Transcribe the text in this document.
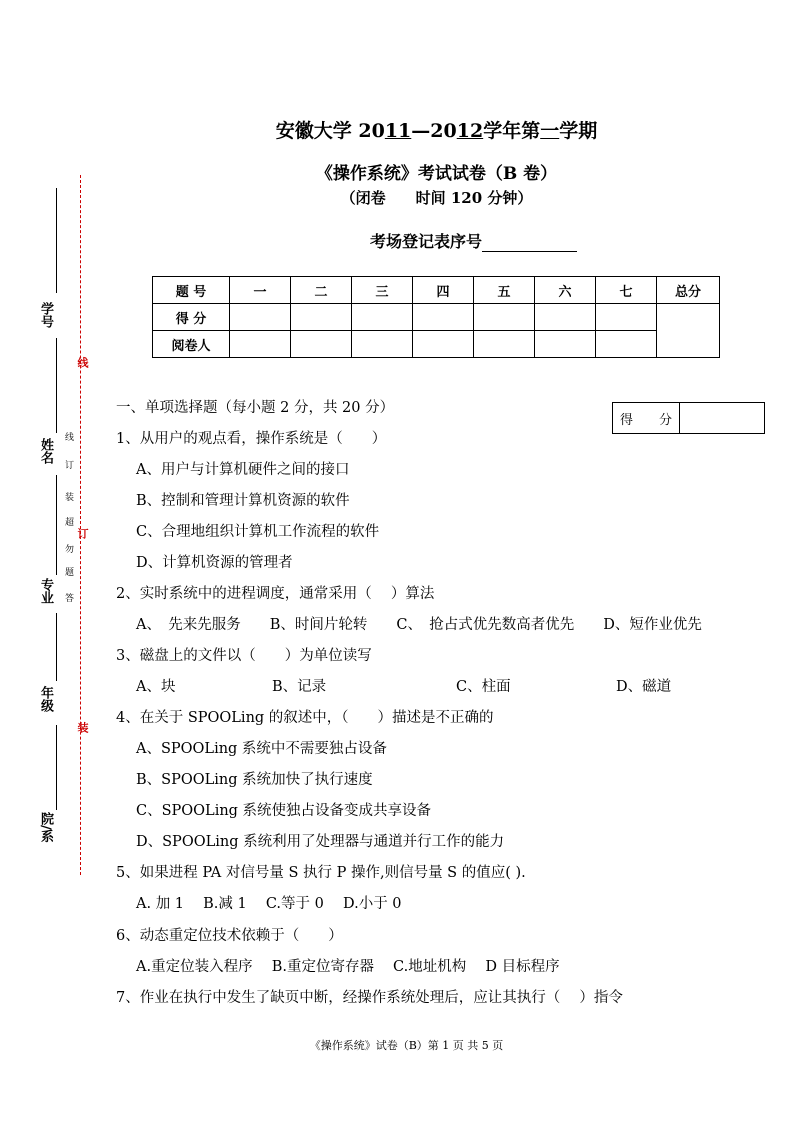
安徽大学 2011—2012学年第一学期
《操作系统》考试试卷（B 卷）
（闭卷 时间 120 分钟）
考场登记表序号
题 号	一	二	三	四	五	六	七	总分
得 分								
阅卷人								
得　　分	
一、单项选择题（每小题 2 分，共 20 分）
1、从用户的观点看，操作系统是（　　）
A、用户与计算机硬件之间的接口
B、控制和管理计算机资源的软件
C、合理地组织计算机工作流程的软件
D、计算机资源的管理者
2、实时系统中的进程调度，通常采用（　 ）算法
A、　先来先服务　　B、时间片轮转　　C、　抢占式优先数高者优先　　D、短作业优先
3、磁盘上的文件以（　　）为单位读写
A、块	B、记录	C、柱面	D、磁道
4、在关于 SPOOLing 的叙述中，（　　）描述是不正确的
A、SPOOLing 系统中不需要独占设备
B、SPOOLing 系统加快了执行速度
C、SPOOLing 系统使独占设备变成共享设备
D、SPOOLing 系统利用了处理器与通道并行工作的能力
5、如果进程 PA 对信号量 S 执行 P 操作,则信号量 S 的值应( ).
A. 加 1　 B.减 1　 C.等于 0　 D.小于 0
6、动态重定位技术依赖于（　　）
A.重定位装入程序　 B.重定位寄存器　 C.地址机构　 D 目标程序
7、作业在执行中发生了缺页中断，经操作系统处理后，应让其执行（　 ）指令
《操作系统》试卷（B）第 1 页 共 5 页
学号
姓名
专业
年级
院/系
线
订
装
超
勿
题
答
线
订
装
